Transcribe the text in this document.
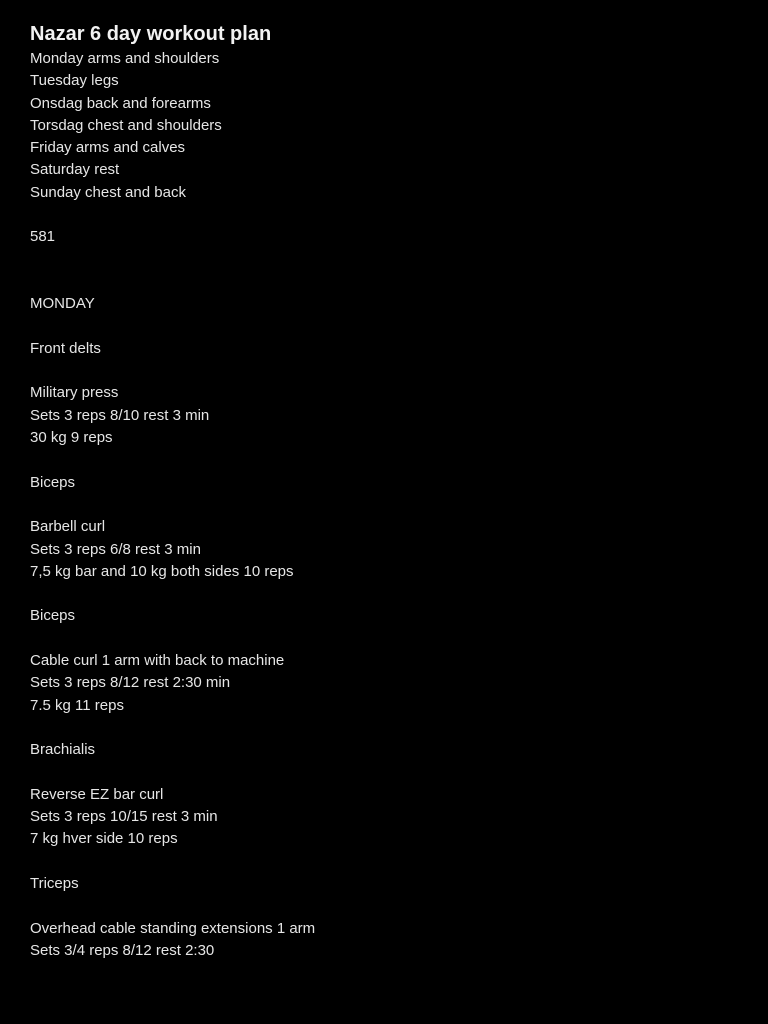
Nazar 6 day workout plan
Monday arms and shoulders
Tuesday legs
Onsdag back and forearms
Torsdag chest and shoulders
Friday arms and calves
Saturday rest
Sunday chest and back
581
MONDAY
Front delts
Military press
Sets 3 reps 8/10 rest 3 min
30 kg 9 reps
Biceps
Barbell curl
Sets 3 reps 6/8 rest 3 min
7,5 kg bar and 10 kg both sides 10 reps
Biceps
Cable curl 1 arm with back to machine
Sets 3 reps 8/12 rest 2:30 min
7.5 kg 11 reps
Brachialis
Reverse EZ bar curl
Sets 3 reps 10/15 rest 3 min
7 kg hver side 10 reps
Triceps
Overhead cable standing extensions 1 arm
Sets 3/4 reps 8/12 rest 2:30
